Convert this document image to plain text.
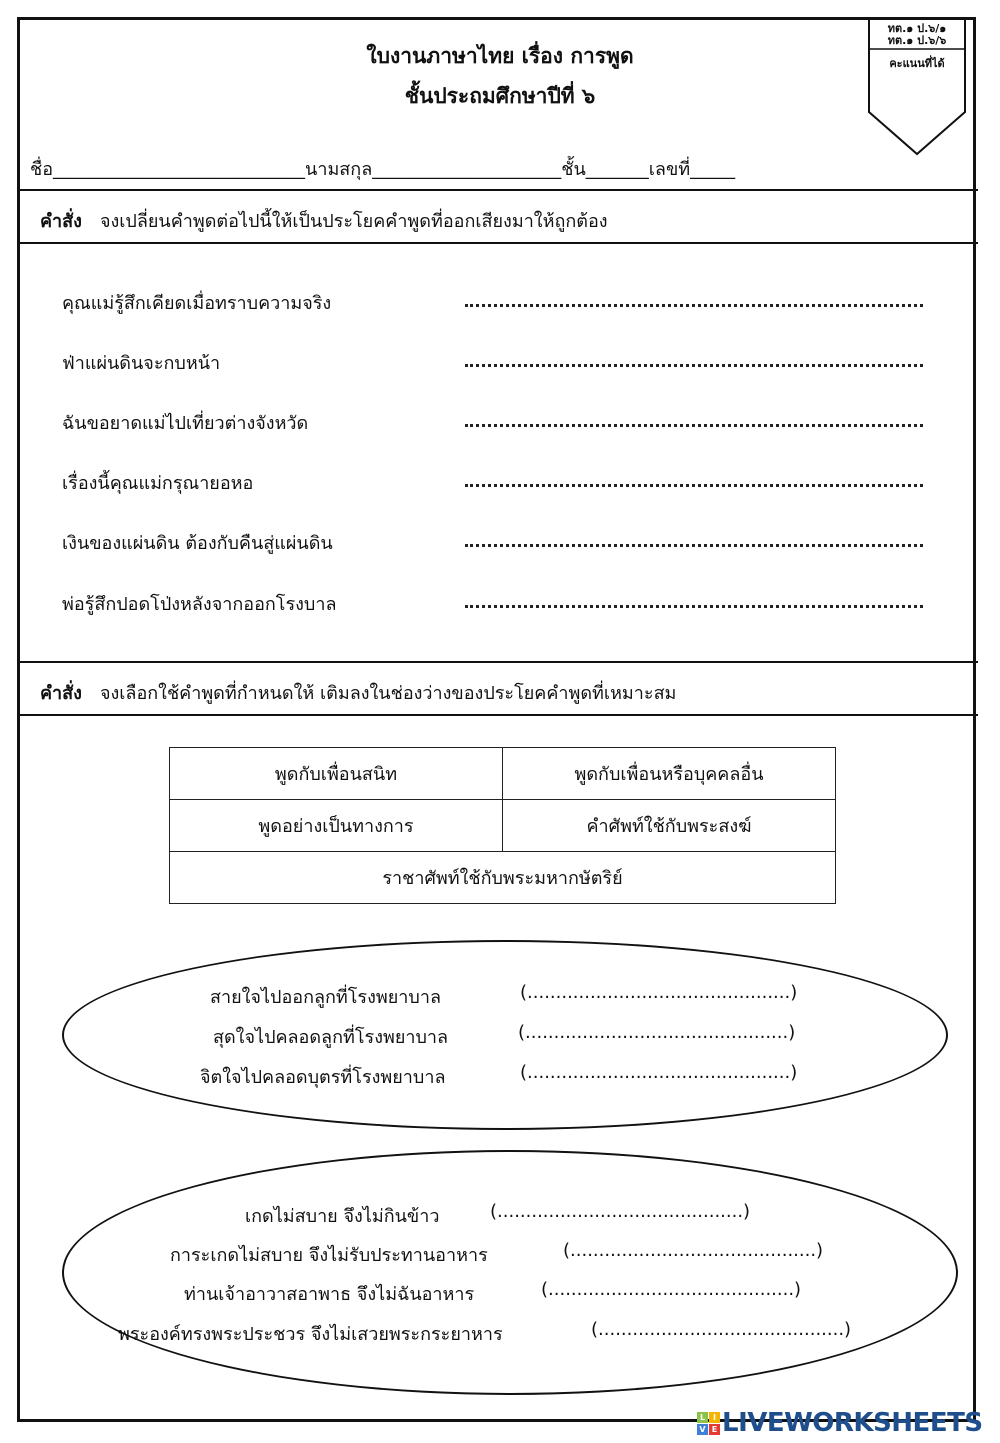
ใบงานภาษาไทย เรื่อง การพูด
ชั้นประถมศึกษาปีที่ ๖
ทต.๑ ป.๖/๑
ทต.๑ ป.๖/๖
คะแนนที่ได้
ชื่อ____________________________นามสกุล_____________________ชั้น_______เลขที่_____
คำสั่ง จงเปลี่ยนคำพูดต่อไปนี้ให้เป็นประโยคคำพูดที่ออกเสียงมาให้ถูกต้อง
คุณแม่รู้สึกเคียดเมื่อทราบความจริง
ฟ่าแผ่นดินจะกบหน้า
ฉันขอยาดแม่ไปเที่ยวต่างจังหวัด
เรื่องนี้คุณแม่กรุณายอหอ
เงินของแผ่นดิน ต้องกับคืนสู่แผ่นดิน
พ่อรู้สึกปอดโป่งหลังจากออกโรงบาล
คำสั่ง จงเลือกใช้คำพูดที่กำหนดให้ เติมลงในช่องว่างของประโยคคำพูดที่เหมาะสม
พูดกับเพื่อนสนิท	พูดกับเพื่อนหรือบุคคลอื่น
พูดอย่างเป็นทางการ	คำศัพท์ใช้กับพระสงฆ์
ราชาศัพท์ใช้กับพระมหากษัตริย์	
สายใจไปออกลูกที่โรงพยาบาล	(..............................................)
สุดใจไปคลอดลูกที่โรงพยาบาล	(..............................................)
จิตใจไปคลอดบุตรที่โรงพยาบาล	(..............................................)
เกดไม่สบาย จึงไม่กินข้าว	(...........................................)
การะเกดไม่สบาย จึงไม่รับประทานอาหาร	(...........................................)
ท่านเจ้าอาวาสอาพาธ จึงไม่ฉันอาหาร	(...........................................)
พระองค์ทรงพระประชวร จึงไม่เสวยพระกระยาหาร	(...........................................)
L I
V E LIVEWORKSHEETS
